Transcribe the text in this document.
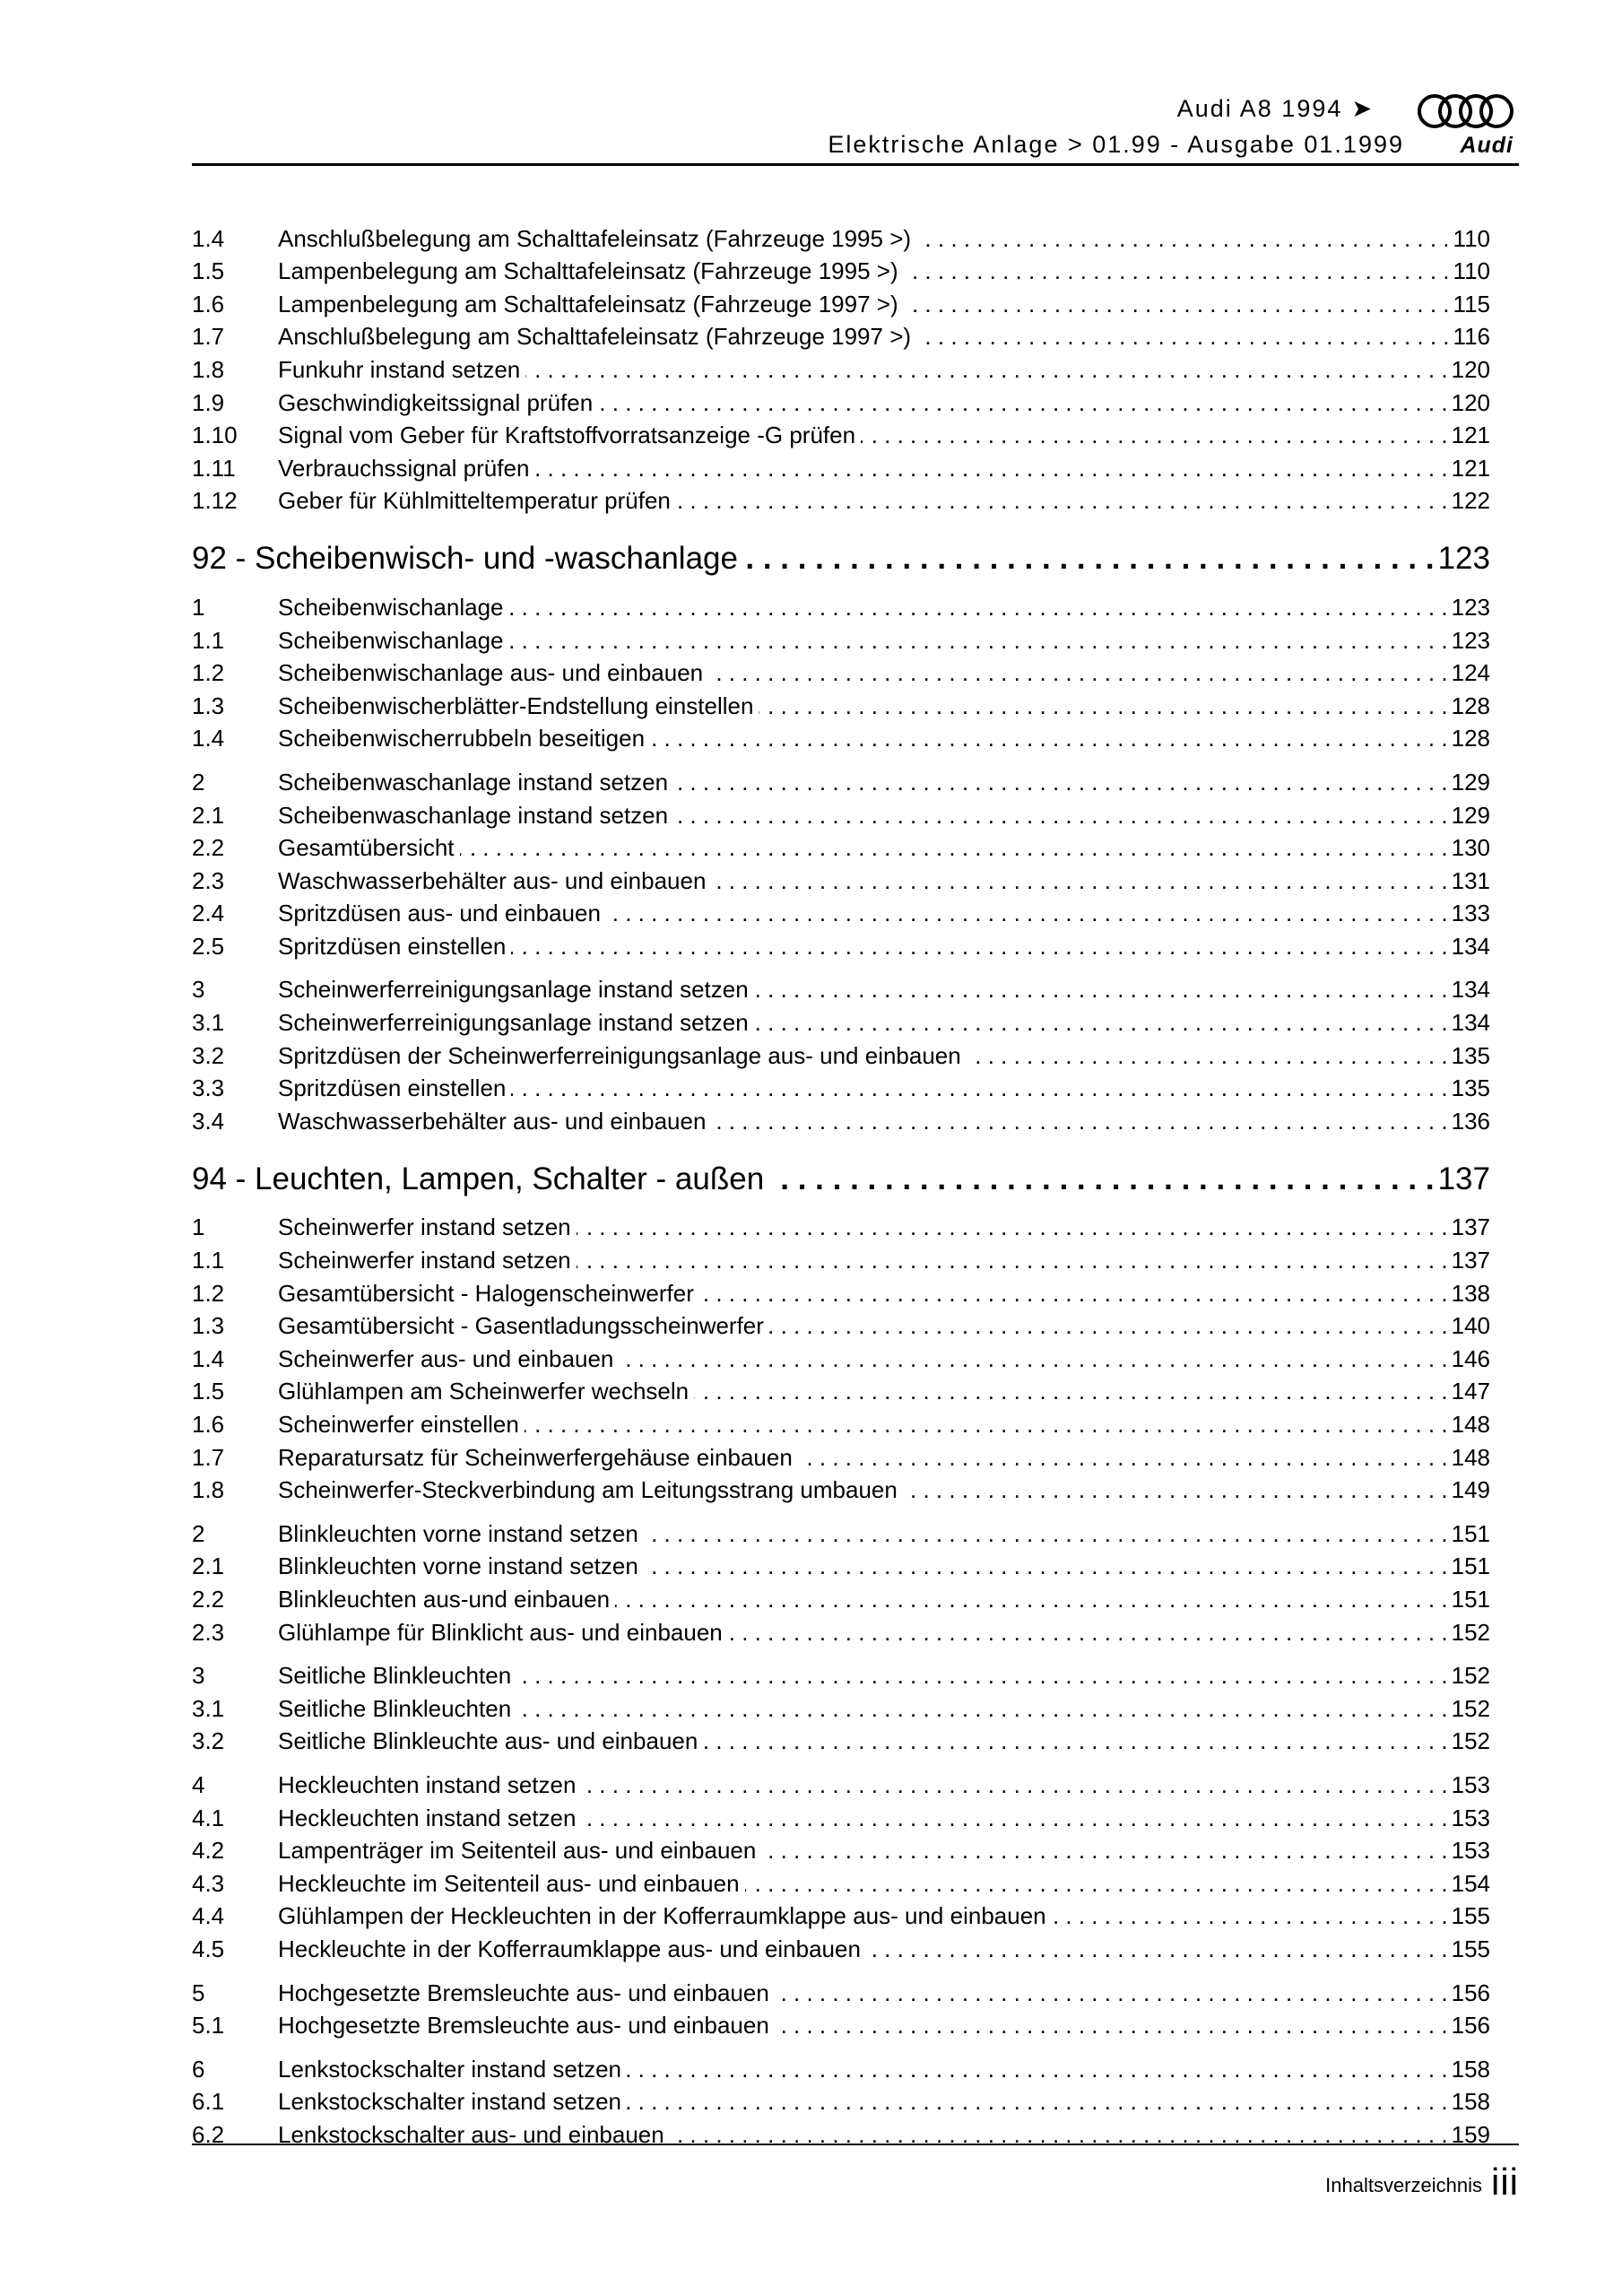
Audi A8 1994 ➤
Elektrische Anlage > 01.99 - Ausgabe 01.1999 Audi
1.4	Anschlußbelegung am Schalttafeleinsatz (Fahrzeuge 1995 >) . . .	110
1.5	Lampenbelegung am Schalttafeleinsatz (Fahrzeuge 1995 >) . . .	110
1.6	Lampenbelegung am Schalttafeleinsatz (Fahrzeuge 1997 >) . . .	115
1.7	Anschlußbelegung am Schalttafeleinsatz (Fahrzeuge 1997 >) . . .	116
1.8	Funkuhr instand setzen . . .	120
1.9	Geschwindigkeitssignal prüfen . . .	120
1.10	Signal vom Geber für Kraftstoffvorratsanzeige -G prüfen . . .	121
1.11	Verbrauchssignal prüfen . . .	121
1.12	Geber für Kühlmitteltemperatur prüfen . . .	122
92 - Scheibenwisch- und -waschanlage . . .	123
1	Scheibenwischanlage . . .	123
1.1	Scheibenwischanlage . . .	123
1.2	Scheibenwischanlage aus- und einbauen . . .	124
1.3	Scheibenwischerblätter-Endstellung einstellen . . .	128
1.4	Scheibenwischerrubbeln beseitigen . . .	128
2	Scheibenwaschanlage instand setzen . . .	129
2.1	Scheibenwaschanlage instand setzen . . .	129
2.2	Gesamtübersicht . . .	130
2.3	Waschwasserbehälter aus- und einbauen . . .	131
2.4	Spritzdüsen aus- und einbauen . . .	133
2.5	Spritzdüsen einstellen . . .	134
3	Scheinwerferreinigungsanlage instand setzen . . .	134
3.1	Scheinwerferreinigungsanlage instand setzen . . .	134
3.2	Spritzdüsen der Scheinwerferreinigungsanlage aus- und einbauen . . .	135
3.3	Spritzdüsen einstellen . . .	135
3.4	Waschwasserbehälter aus- und einbauen . . .	136
94 - Leuchten, Lampen, Schalter - außen . . .	137
1	Scheinwerfer instand setzen . . .	137
1.1	Scheinwerfer instand setzen . . .	137
1.2	Gesamtübersicht - Halogenscheinwerfer . . .	138
1.3	Gesamtübersicht - Gasentladungsscheinwerfer . . .	140
1.4	Scheinwerfer aus- und einbauen . . .	146
1.5	Glühlampen am Scheinwerfer wechseln . . .	147
1.6	Scheinwerfer einstellen . . .	148
1.7	Reparatursatz für Scheinwerfergehäuse einbauen . . .	148
1.8	Scheinwerfer-Steckverbindung am Leitungsstrang umbauen . . .	149
2	Blinkleuchten vorne instand setzen . . .	151
2.1	Blinkleuchten vorne instand setzen . . .	151
2.2	Blinkleuchten aus-und einbauen . . .	151
2.3	Glühlampe für Blinklicht aus- und einbauen . . .	152
3	Seitliche Blinkleuchten . . .	152
3.1	Seitliche Blinkleuchten . . .	152
3.2	Seitliche Blinkleuchte aus- und einbauen . . .	152
4	Heckleuchten instand setzen . . .	153
4.1	Heckleuchten instand setzen . . .	153
4.2	Lampenträger im Seitenteil aus- und einbauen . . .	153
4.3	Heckleuchte im Seitenteil aus- und einbauen . . .	154
4.4	Glühlampen der Heckleuchten in der Kofferraumklappe aus- und einbauen . . .	155
4.5	Heckleuchte in der Kofferraumklappe aus- und einbauen . . .	155
5	Hochgesetzte Bremsleuchte aus- und einbauen . . .	156
5.1	Hochgesetzte Bremsleuchte aus- und einbauen . . .	156
6	Lenkstockschalter instand setzen . . .	158
6.1	Lenkstockschalter instand setzen . . .	158
6.2	Lenkstockschalter aus- und einbauen . . .	159
Inhaltsverzeichnis iii
